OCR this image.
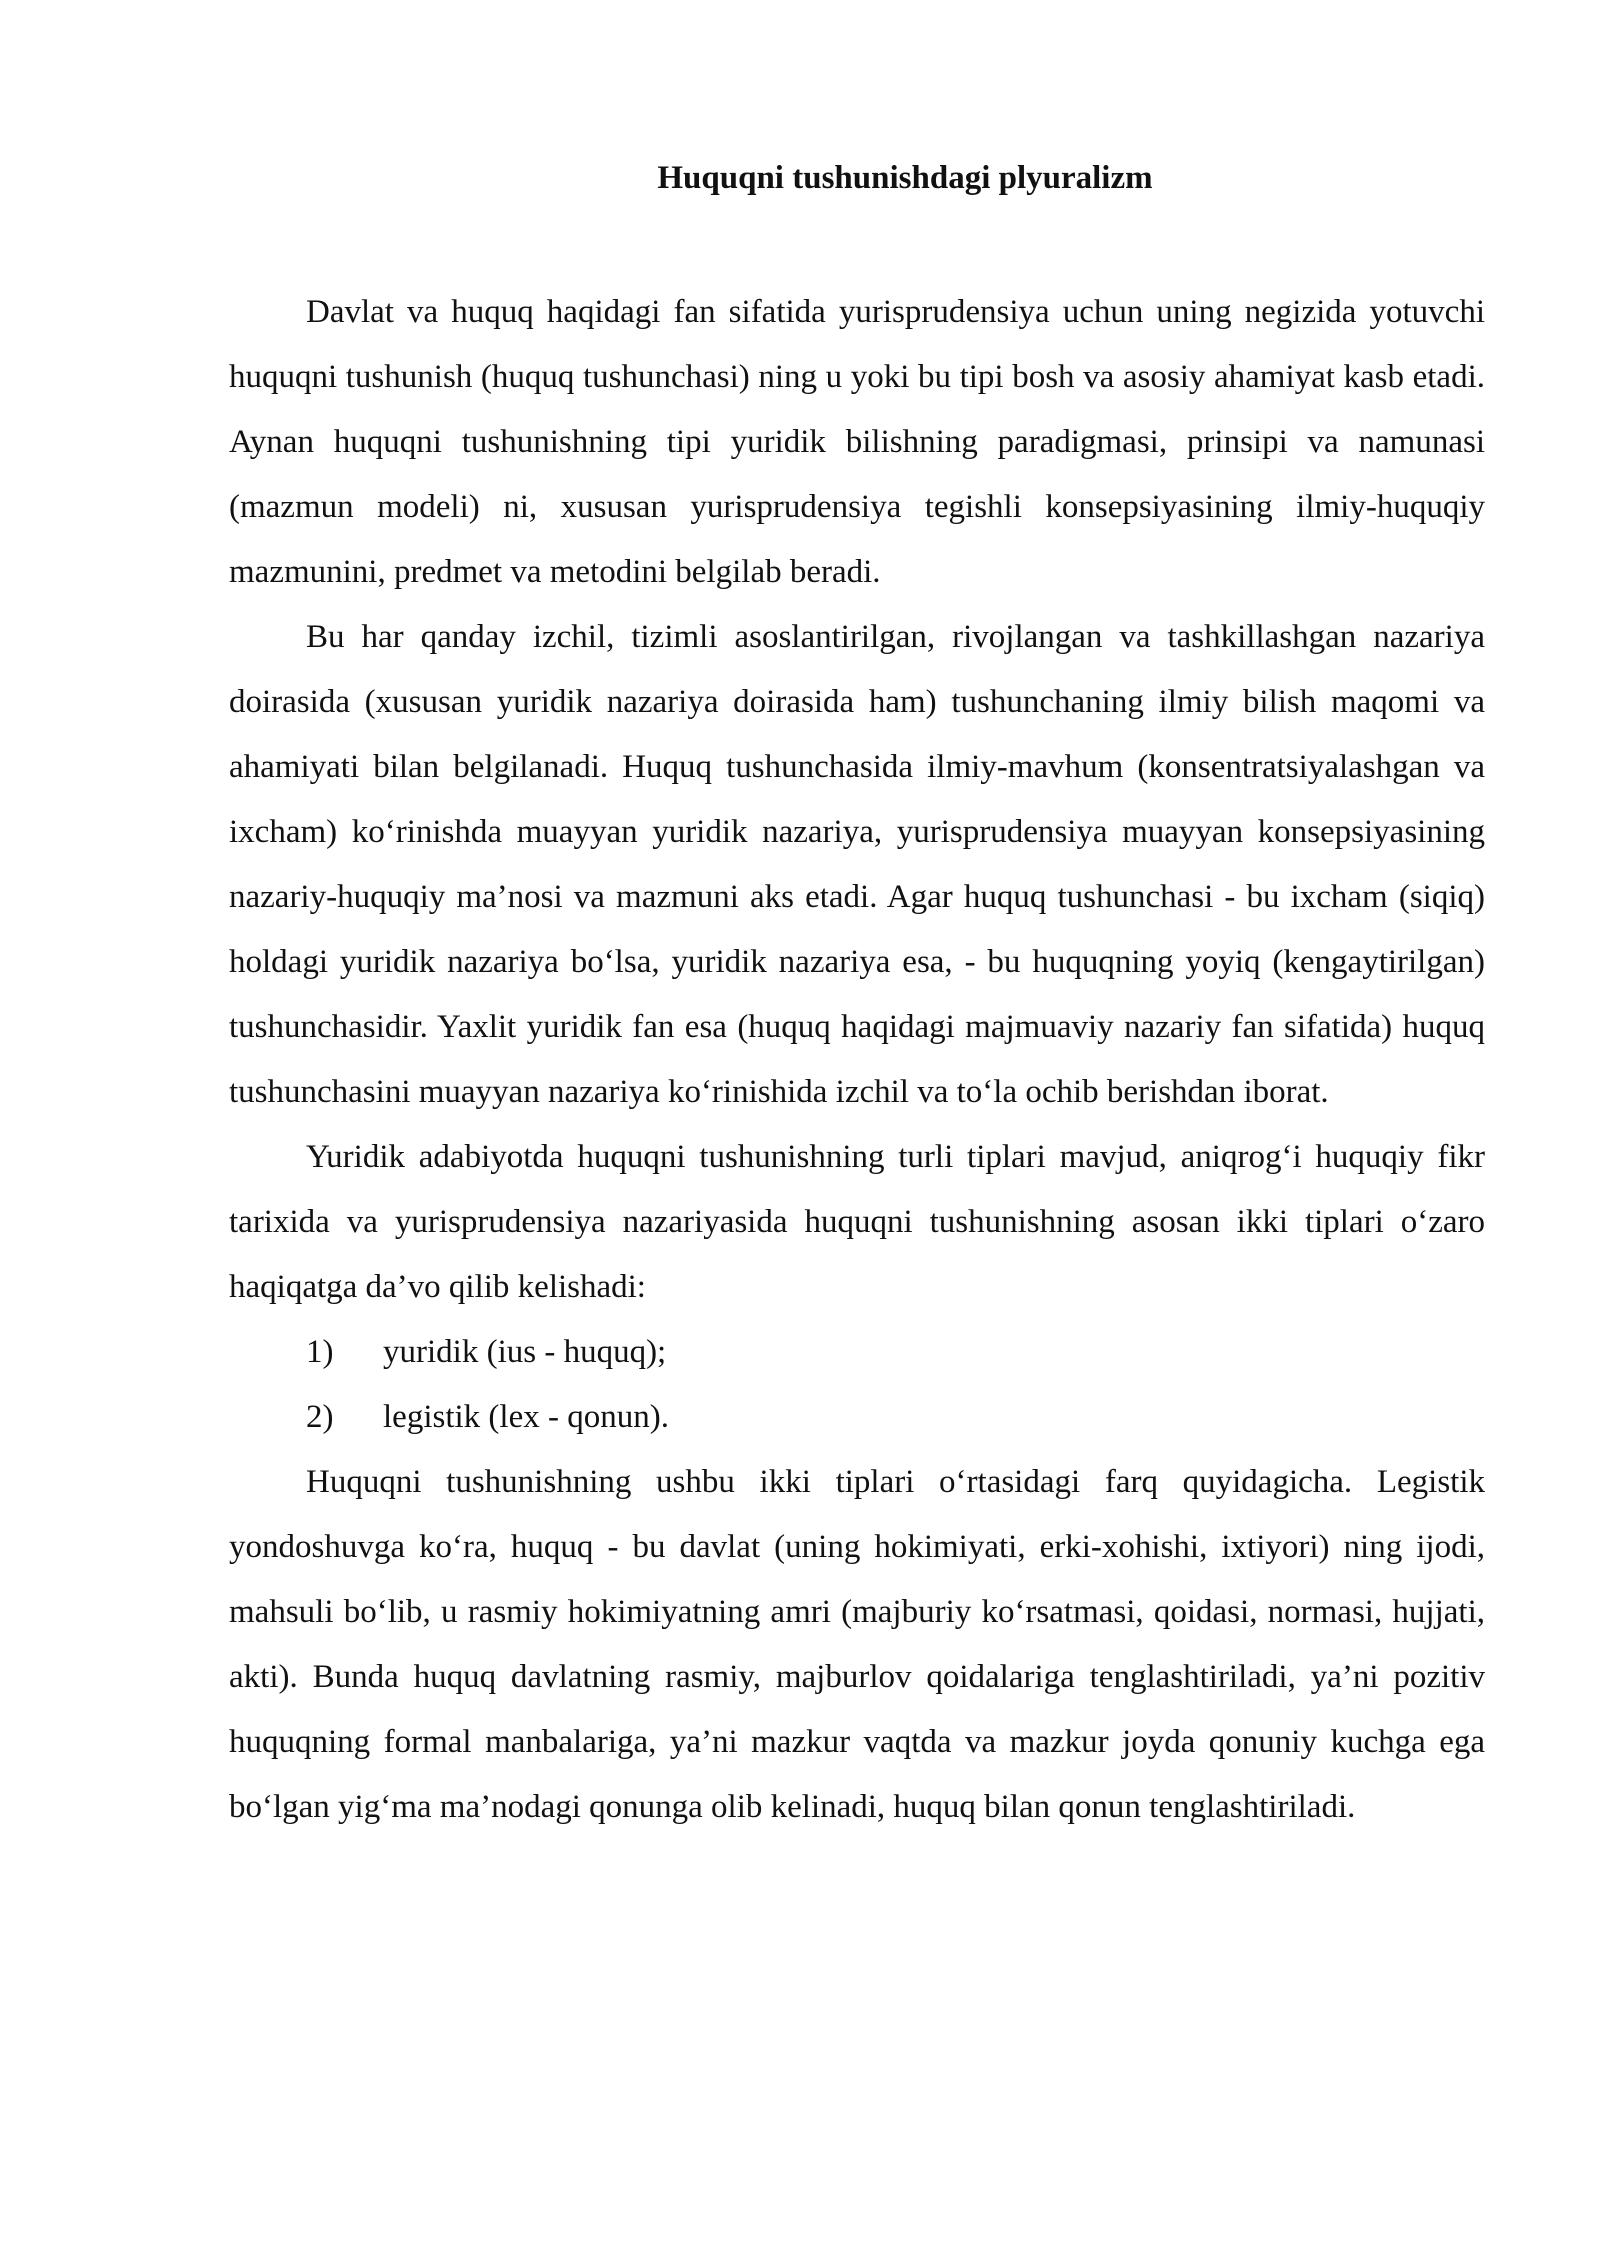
Huquqni tushunishdagi plyuralizm

Davlat va huquq haqidagi fan sifatida yurisprudensiya uchun uning negizida yotuvchi huquqni tushunish (huquq tushunchasi) ning u yoki bu tipi bosh va asosiy ahamiyat kasb etadi. Aynan huquqni tushunishning tipi yuridik bilishning paradigmasi, prinsipi va namunasi (mazmun modeli) ni, xususan yurisprudensiya tegishli konsepsiyasining ilmiy-huquqiy mazmunini, predmet va metodini belgilab beradi.

Bu har qanday izchil, tizimli asoslantirilgan, rivojlangan va tashkillashgan nazariya doirasida (xususan yuridik nazariya doirasida ham) tushunchaning ilmiy bilish maqomi va ahamiyati bilan belgilanadi. Huquq tushunchasida ilmiy-mavhum (konsentratsiyalashgan va ixcham) ko‘rinishda muayyan yuridik nazariya, yurisprudensiya muayyan konsepsiyasining nazariy-huquqiy ma’nosi va mazmuni aks etadi. Agar huquq tushunchasi - bu ixcham (siqiq) holdagi yuridik nazariya bo‘lsa, yuridik nazariya esa, - bu huquqning yoyiq (kengaytirilgan) tushunchasidir. Yaxlit yuridik fan esa (huquq haqidagi majmuaviy nazariy fan sifatida) huquq tushunchasini muayyan nazariya ko‘rinishida izchil va to‘la ochib berishdan iborat.

Yuridik adabiyotda huquqni tushunishning turli tiplari mavjud, aniqrog‘i huquqiy fikr tarixida va yurisprudensiya nazariyasida huquqni tushunishning asosan ikki tiplari o‘zaro haqiqatga da’vo qilib kelishadi:

1)	yuridik (ius - huquq);
2)	legistik (lex - qonun).

Huquqni tushunishning ushbu ikki tiplari o‘rtasidagi farq quyidagicha. Legistik yondoshuvga ko‘ra, huquq - bu davlat (uning hokimiyati, erki-xohishi, ixtiyori) ning ijodi, mahsuli bo‘lib, u rasmiy hokimiyatning amri (majburiy ko‘rsatmasi, qoidasi, normasi, hujjati, akti). Bunda huquq davlatning rasmiy, majburlov qoidalariga tenglashtiriladi, ya’ni pozitiv huquqning formal manbalariga, ya’ni mazkur vaqtda va mazkur joyda qonuniy kuchga ega bo‘lgan yig‘ma ma’nodagi qonunga olib kelinadi, huquq bilan qonun tenglashtiriladi.
